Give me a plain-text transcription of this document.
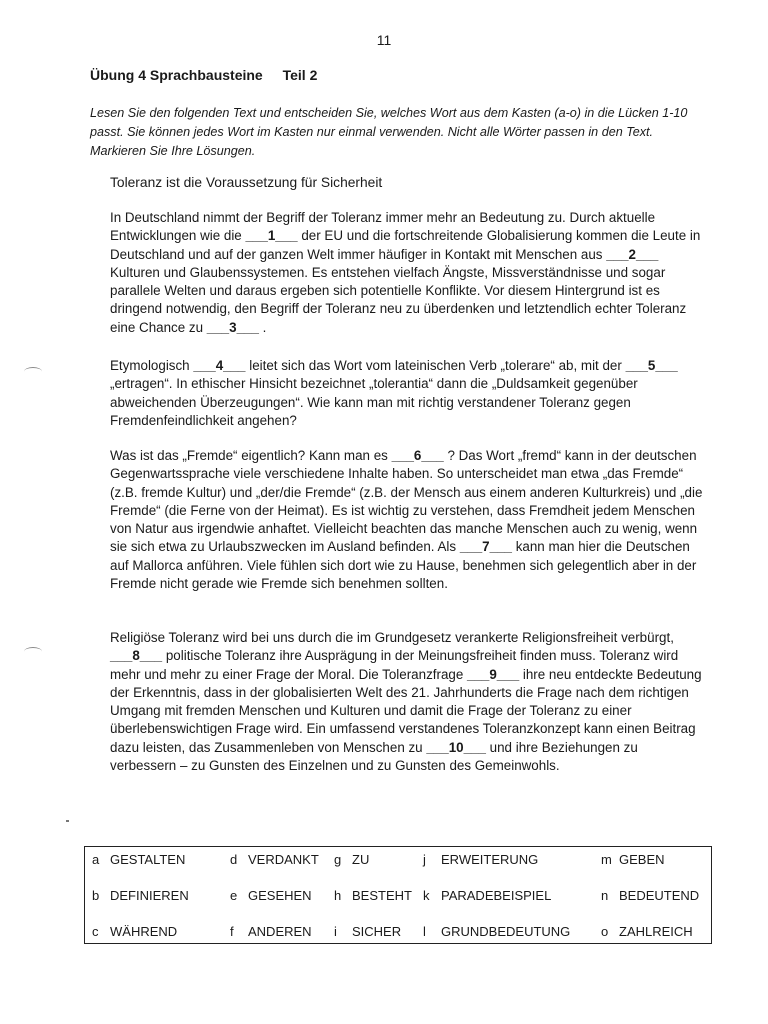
11
Übung 4 Sprachbausteine Teil 2
Lesen Sie den folgenden Text und entscheiden Sie, welches Wort aus dem Kasten (a-o) in die Lücken 1-10 passt. Sie können jedes Wort im Kasten nur einmal verwenden. Nicht alle Wörter passen in den Text. Markieren Sie Ihre Lösungen.
Toleranz ist die Voraussetzung für Sicherheit

In Deutschland nimmt der Begriff der Toleranz immer mehr an Bedeutung zu. Durch aktuelle Entwicklungen wie die ___1___ der EU und die fortschreitende Globalisierung kommen die Leute in Deutschland und auf der ganzen Welt immer häufiger in Kontakt mit Menschen aus ___2___ Kulturen und Glaubenssystemen. Es entstehen vielfach Ängste, Missverständnisse und sogar parallele Welten und daraus ergeben sich potentielle Konflikte. Vor diesem Hintergrund ist es dringend notwendig, den Begriff der Toleranz neu zu überdenken und letztendlich echter Toleranz eine Chance zu ___3___ .

Etymologisch ___4___ leitet sich das Wort vom lateinischen Verb „tolerare“ ab, mit der ___5___ „ertragen“. In ethischer Hinsicht bezeichnet „tolerantia“ dann die „Duldsamkeit gegenüber abweichenden Überzeugungen“. Wie kann man mit richtig verstandener Toleranz gegen Fremdenfeindlichkeit angehen?

Was ist das „Fremde“ eigentlich? Kann man es ___6___ ? Das Wort „fremd“ kann in der deutschen Gegenwartssprache viele verschiedene Inhalte haben. So unterscheidet man etwa „das Fremde“ (z.B. fremde Kultur) und „der/die Fremde“ (z.B. der Mensch aus einem anderen Kulturkreis) und „die Fremde“ (die Ferne von der Heimat). Es ist wichtig zu verstehen, dass Fremdheit jedem Menschen von Natur aus irgendwie anhaftet. Vielleicht beachten das manche Menschen auch zu wenig, wenn sie sich etwa zu Urlaubszwecken im Ausland befinden. Als ___7___ kann man hier die Deutschen auf Mallorca anführen. Viele fühlen sich dort wie zu Hause, benehmen sich gelegentlich aber in der Fremde nicht gerade wie Fremde sich benehmen sollten.

Religiöse Toleranz wird bei uns durch die im Grundgesetz verankerte Religionsfreiheit verbürgt, ___8___ politische Toleranz ihre Ausprägung in der Meinungsfreiheit finden muss. Toleranz wird mehr und mehr zu einer Frage der Moral. Die Toleranzfrage ___9___ ihre neu entdeckte Bedeutung der Erkenntnis, dass in der globalisierten Welt des 21. Jahrhunderts die Frage nach dem richtigen Umgang mit fremden Menschen und Kulturen und damit die Frage der Toleranz zu einer überlebenswichtigen Frage wird. Ein umfassend verstandenes Toleranzkonzept kann einen Beitrag dazu leisten, das Zusammenleben von Menschen zu ___10___ und ihre Beziehungen zu verbessern – zu Gunsten des Einzelnen und zu Gunsten des Gemeinwohls.

a GESTALTEN
b DEFINIEREN
c WÄHREND
d VERDANKT
e GESEHEN
f ANDEREN
g ZU
h BESTEHT
i SICHER
j ERWEITERUNG
k PARADEBEISPIEL
l GRUNDBEDEUTUNG
m GEBEN
n BEDEUTEND
o ZAHLREICH
